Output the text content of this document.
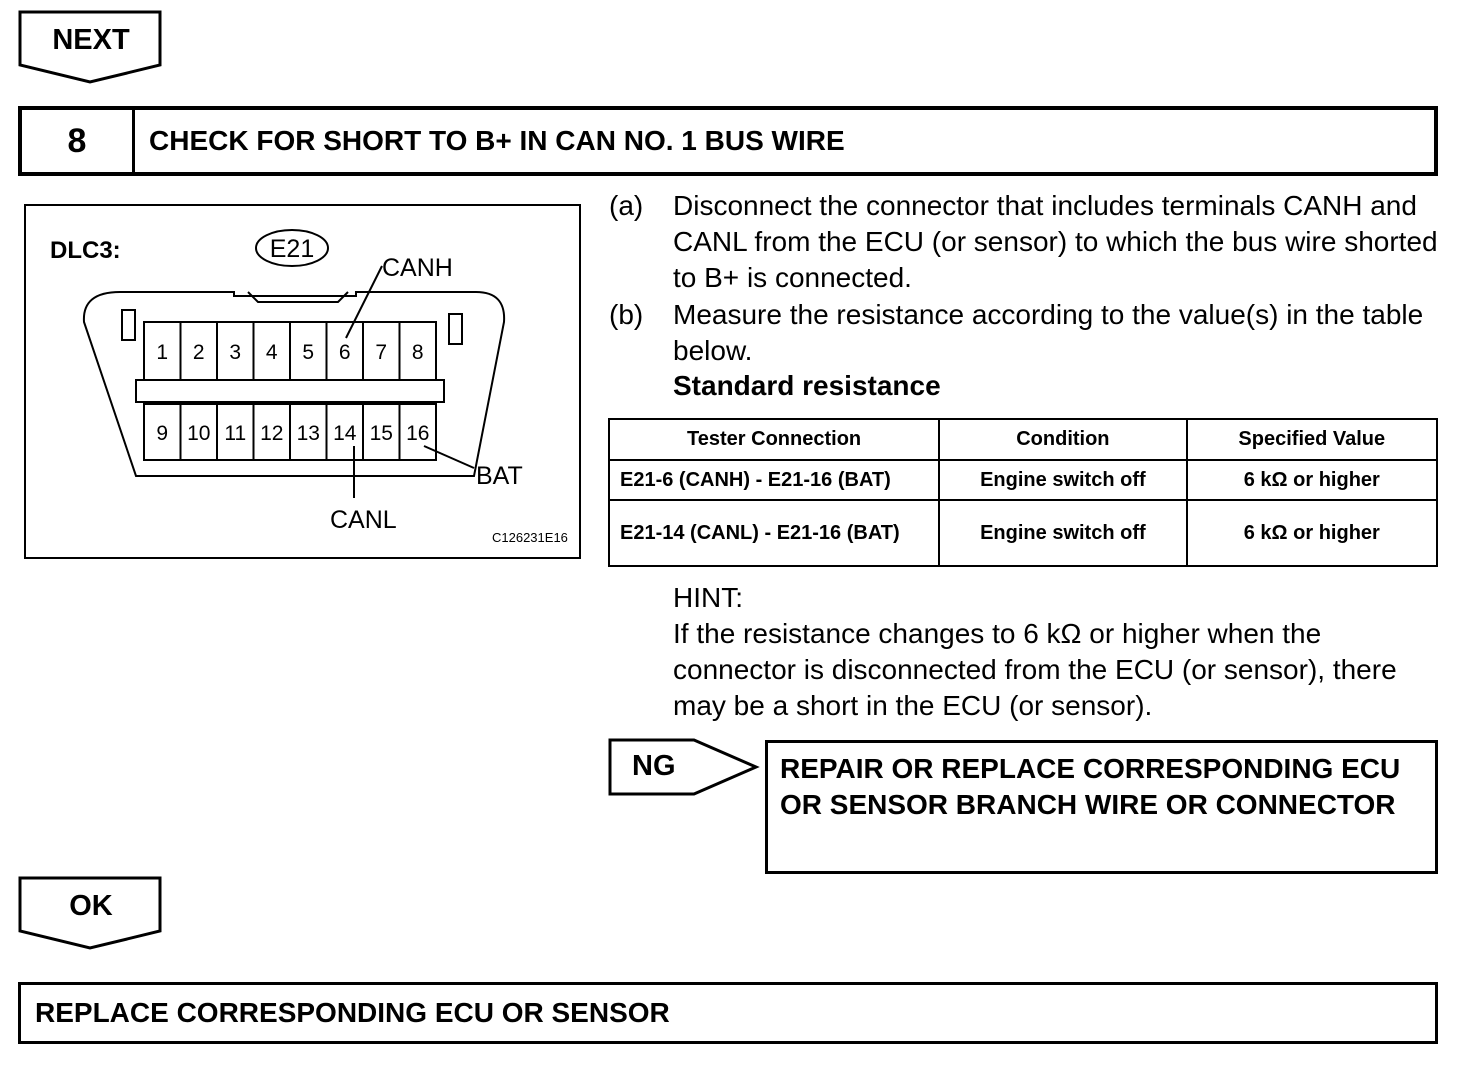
NEXT
8	CHECK FOR SHORT TO B+ IN CAN NO. 1 BUS WIRE
1 2 3 4 5 6 7 8
9 10 11 12 13 14 15 16
E21
DLC3:
CANH
CANL
BAT
C126231E16
(a) Disconnect the connector that includes terminals CANH and CANL from the ECU (or sensor) to which the bus wire shorted to B+ is connected.
(b) Measure the resistance according to the value(s) in the table below.
Standard resistance
Tester Connection	Condition	Specified Value
E21-6 (CANH) - E21-16 (BAT)	Engine switch off	6 kΩ or higher
E21-14 (CANL) - E21-16 (BAT)	Engine switch off	6 kΩ or higher
HINT:
If the resistance changes to 6 kΩ or higher when the connector is disconnected from the ECU (or sensor), there may be a short in the ECU (or sensor).
NG	REPAIR OR REPLACE CORRESPONDING ECU OR SENSOR BRANCH WIRE OR CONNECTOR
OK
REPLACE CORRESPONDING ECU OR SENSOR
